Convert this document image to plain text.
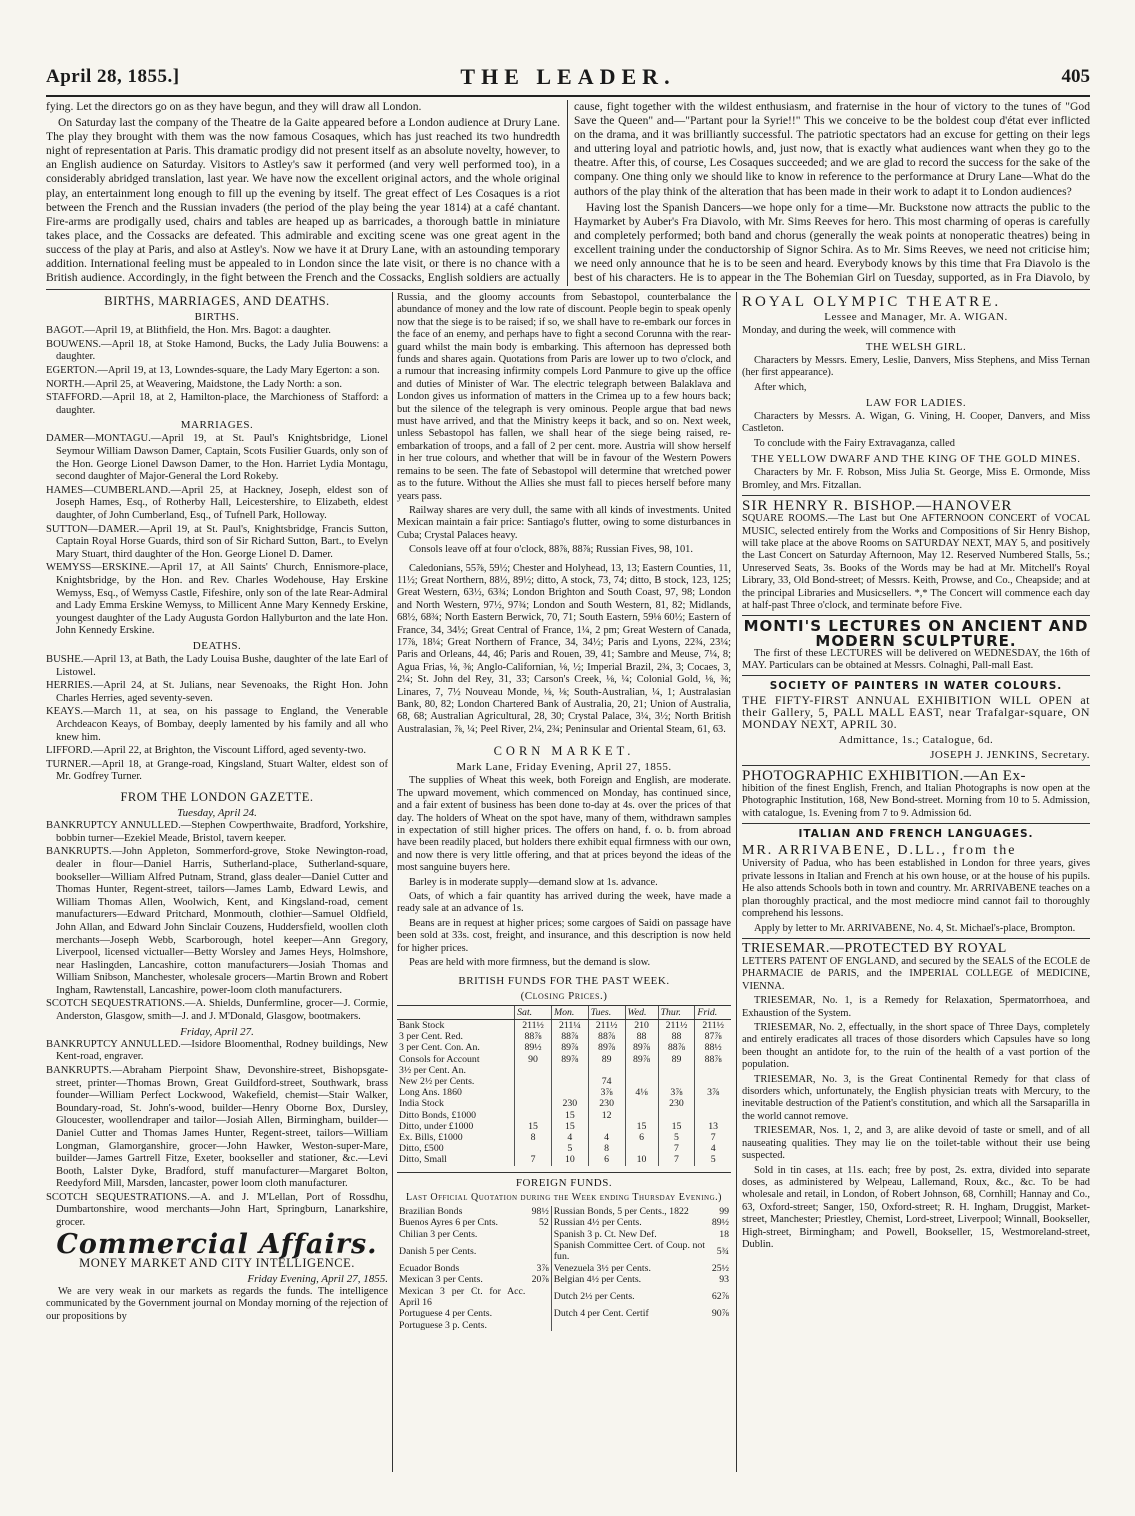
April 28, 1855.]	THE LEADER.	405

fying. Let the directors go on as they have begun, and they will draw all London.

On Saturday last the company of the Theatre de la Gaite appeared before a London audience at Drury Lane. The play they brought with them was the now famous Cosaques, which has just reached its two hundredth night of representation at Paris. This dramatic prodigy did not present itself as an absolute novelty, however, to an English audience on Saturday. Visitors to Astley's saw it performed (and very well performed too), in a considerably abridged translation, last year. We have now the excellent original actors, and the whole original play, an entertainment long enough to fill up the evening by itself. The great effect of Les Cosaques is a riot between the French and the Russian invaders (the period of the play being the year 1814) at a café chantant. Fire-arms are prodigally used, chairs and tables are heaped up as barricades, a thorough battle in miniature takes place, and the Cossacks are defeated. This admirable and exciting scene was one great agent in the success of the play at Paris, and also at Astley's. Now we have it at Drury Lane, with an astounding temporary addition. International feeling must be appealed to in London since the late visit, or there is no chance with a British audience. Accordingly, in the fight between the French and the Cossacks, English soldiers are actually

cause, fight together with the wildest enthusiasm, and fraternise in the hour of victory to the tunes of "God Save the Queen" and—"Partant pour la Syrie!!" This we conceive to be the boldest coup d'état ever inflicted on the drama, and it was brilliantly successful. The patriotic spectators had an excuse for getting on their legs and uttering loyal and patriotic howls, and, just now, that is exactly what audiences want when they go to the theatre. After this, of course, Les Cosaques succeeded; and we are glad to record the success for the sake of the company. One thing only we should like to know in reference to the performance at Drury Lane—What do the authors of the play think of the alteration that has been made in their work to adapt it to London audiences?

Having lost the Spanish Dancers—we hope only for a time—Mr. Buckstone now attracts the public to the Haymarket by Auber's Fra Diavolo, with Mr. Sims Reeves for hero. This most charming of operas is carefully and completely performed; both band and chorus (generally the weak points at nonoperatic theatres) being in excellent training under the conductorship of Signor Schira. As to Mr. Sims Reeves, we need not criticise him; we need only announce that he is to be seen and heard. Everybody knows by this time that Fra Diavolo is the best of his characters. He is to appear in the The Bohemian Girl on Tuesday, supported, as in Fra Diavolo, by

BIRTHS, MARRIAGES, AND DEATHS.
BIRTHS.
BAGOT.—April 19, at Blithfield, the Hon. Mrs. Bagot: a daughter.
BOUWENS.—April 18, at Stoke Hamond, Bucks, the Lady Julia Bouwens: a daughter.
EGERTON.—April 19, at 13, Lowndes-square, the Lady Mary Egerton: a son.
NORTH.—April 25, at Weavering, Maidstone, the Lady North: a son.
STAFFORD.—April 18, at 2, Hamilton-place, the Marchioness of Stafford: a daughter.
MARRIAGES.
DAMER—MONTAGU.—April 19, at St. Paul's Knightsbridge, Lionel Seymour William Dawson Damer, Captain, Scots Fusilier Guards, only son of the Hon. George Lionel Dawson Damer, to the Hon. Harriet Lydia Montagu, second daughter of Major-General the Lord Rokeby.
HAMES—CUMBERLAND.—April 25, at Hackney, Joseph, eldest son of Joseph Hames, Esq., of Rotherby Hall, Leicestershire, to Elizabeth, eldest daughter, of John Cumberland, Esq., of Tufnell Park, Holloway.
SUTTON—DAMER.—April 19, at St. Paul's, Knightsbridge, Francis Sutton, Captain Royal Horse Guards, third son of Sir Richard Sutton, Bart., to Evelyn Mary Stuart, third daughter of the Hon. George Lionel D. Damer.
WEMYSS—ERSKINE.—April 17, at All Saints' Church, Ennismore-place, Knightsbridge, by the Hon. and Rev. Charles Wodehouse, Hay Erskine Wemyss, Esq., of Wemyss Castle, Fifeshire, only son of the late Rear-Admiral and Lady Emma Erskine Wemyss, to Millicent Anne Mary Kennedy Erskine, youngest daughter of the Lady Augusta Gordon Hallyburton and the late Hon. John Kennedy Erskine.
DEATHS.
BUSHE.—April 13, at Bath, the Lady Louisa Bushe, daughter of the late Earl of Listowel.
HERRIES.—April 24, at St. Julians, near Sevenoaks, the Right Hon. John Charles Herries, aged seventy-seven.
KEAYS.—March 11, at sea, on his passage to England, the Venerable Archdeacon Keays, of Bombay, deeply lamented by his family and all who knew him.
LIFFORD.—April 22, at Brighton, the Viscount Lifford, aged seventy-two.
TURNER.—April 18, at Grange-road, Kingsland, Stuart Walter, eldest son of Mr. Godfrey Turner.
FROM THE LONDON GAZETTE.
Tuesday, April 24.
BANKRUPTCY ANNULLED.—Stephen Cowperthwaite, Bradford, Yorkshire, bobbin turner—Ezekiel Meade, Bristol, tavern keeper.
BANKRUPTS.—John Appleton, Sommerford-grove, Stoke Newington-road, dealer in flour—Daniel Harris, Sutherland-place, Sutherland-square, bookseller—William Alfred Putnam, Strand, glass dealer—Daniel Cutter and Thomas Hunter, Regent-street, tailors—James Lamb, Edward Lewis, and William Thomas Allen, Woolwich, Kent, and Kingsland-road, cement manufacturers—Edward Pritchard, Monmouth, clothier—Samuel Oldfield, John Allan, and Edward John Sinclair Couzens, Huddersfield, woollen cloth merchants—Joseph Webb, Scarborough, hotel keeper—Ann Gregory, Liverpool, licensed victualler—Betty Worsley and James Heys, Holmshore, near Haslingden, Lancashire, cotton manufacturers—Josiah Thomas and William Snibson, Manchester, wholesale grocers—Martin Brown and Robert Ingham, Rawtenstall, Lancashire, power-loom cloth manufacturers.
SCOTCH SEQUESTRATIONS.—A. Shields, Dunfermline, grocer—J. Cormie, Anderston, Glasgow, smith—J. and J. M'Donald, Glasgow, bootmakers.
Friday, April 27.
BANKRUPTCY ANNULLED.—Isidore Bloomenthal, Rodney buildings, New Kent-road, engraver.
BANKRUPTS.—Abraham Pierpoint Shaw, Devonshire-street, Bishopsgate-street, printer—Thomas Brown, Great Guildford-street, Southwark, brass founder—William Perfect Lockwood, Wakefield, chemist—Stair Walker, Boundary-road, St. John's-wood, builder—Henry Oborne Box, Dursley, Gloucester, woollendraper and tailor—Josiah Allen, Birmingham, builder—Daniel Cutter and Thomas James Hunter, Regent-street, tailors—William Longman, Glamorganshire, grocer—John Hawker, Weston-super-Mare, builder—James Gartrell Fitze, Exeter, bookseller and stationer, &c.—Levi Booth, Lalster Dyke, Bradford, stuff manufacturer—Margaret Bolton, Reedyford Mill, Marsden, lancaster, power loom cloth manufacturer.
SCOTCH SEQUESTRATIONS.—A. and J. M'Lellan, Port of Rossdhu, Dumbartonshire, wood merchants—John Hart, Springburn, Lanarkshire, grocer.
Commercial Affairs.
MONEY MARKET AND CITY INTELLIGENCE.
Friday Evening, April 27, 1855.

We are very weak in our markets as regards the funds. The intelligence communicated by the Government journal on Monday morning of the rejection of our propositions by

Russia, and the gloomy accounts from Sebastopol, counterbalance the abundance of money and the low rate of discount. People begin to speak openly now that the siege is to be raised; if so, we shall have to re-embark our forces in the face of an enemy, and perhaps have to fight a second Corunna with the rear-guard whilst the main body is embarking. This afternoon has depressed both funds and shares again. Quotations from Paris are lower up to two o'clock, and a rumour that increasing infirmity compels Lord Panmure to give up the office and duties of Minister of War. The electric telegraph between Balaklava and London gives us information of matters in the Crimea up to a few hours back; but the silence of the telegraph is very ominous. People argue that bad news must have arrived, and that the Ministry keeps it back, and so on. Next week, unless Sebastopol has fallen, we shall hear of the siege being raised, re-embarkation of troops, and a fall of 2 per cent. more. Austria will show herself in her true colours, and whether that will be in favour of the Western Powers remains to be seen. The fate of Sebastopol will determine that wretched power as to the future. Without the Allies she must fall to pieces herself before many years pass.

Railway shares are very dull, the same with all kinds of investments. United Mexican maintain a fair price: Santiago's flutter, owing to some disturbances in Cuba; Crystal Palaces heavy.

Consols leave off at four o'clock, 88⅞, 88⅞; Russian Fives, 98, 101.

Caledonians, 55⅞, 59½; Chester and Holyhead, 13, 13; Eastern Counties, 11, 11½; Great Northern, 88½, 89½; ditto, A stock, 73, 74; ditto, B stock, 123, 125; Great Western, 63½, 63¾; London Brighton and South Coast, 97, 98; London and North Western, 97½, 97¾; London and South Western, 81, 82; Midlands, 68½, 68¾; North Eastern Berwick, 70, 71; South Eastern, 59⅛ 60½; Eastern of France, 34, 34½; Great Central of France, 1¼, 2 pm; Great Western of Canada, 17⅞, 18¼; Great Northern of France, 34, 34½; Paris and Lyons, 22¾, 23¼; Paris and Orleans, 44, 46; Paris and Rouen, 39, 41; Sambre and Meuse, 7¼, 8; Agua Frias, ⅛, ⅜; Anglo-Californian, ⅛, ½; Imperial Brazil, 2¾, 3; Cocaes, 3, 2¼; St. John del Rey, 31, 33; Carson's Creek, ⅛, ¼; Colonial Gold, ⅛, ⅜; Linares, 7, 7½ Nouveau Monde, ⅛, ⅛; South-Australian, ¼, 1; Australasian Bank, 80, 82; London Chartered Bank of Australia, 20, 21; Union of Australia, 68, 68; Australian Agricultural, 28, 30; Crystal Palace, 3¼, 3½; North British Australasian, ⅞, ¼; Peel River, 2¼, 2¾; Peninsular and Oriental Steam, 61, 63.

CORN MARKET.
Mark Lane, Friday Evening, April 27, 1855.

The supplies of Wheat this week, both Foreign and English, are moderate. The upward movement, which commenced on Monday, has continued since, and a fair extent of business has been done to-day at 4s. over the prices of that day. The holders of Wheat on the spot have, many of them, withdrawn samples in expectation of still higher prices. The offers on hand, f. o. b. from abroad have been readily placed, but holders there exhibit equal firmness with our own, and now there is very little offering, and that at prices beyond the ideas of the most sanguine buyers here.

Barley is in moderate supply—demand slow at 1s. advance.

Oats, of which a fair quantity has arrived during the week, have made a ready sale at an advance of 1s.

Beans are in request at higher prices; some cargoes of Saidi on passage have been sold at 33s. cost, freight, and insurance, and this description is now held for higher prices.

Peas are held with more firmness, but the demand is slow.

BRITISH FUNDS FOR THE PAST WEEK.
(Closing Prices.)
	Sat.	Mon.	Tues.	Wed.	Thur.	Frid.
Bank Stock	211½	211¼	211½	210	211½	211½
3 per Cent. Red.	88⅞	88⅞	88⅞	88	88	87⅞
3 per Cent. Con. An.	89½	89⅞	89⅞	89⅞	88⅞	88½
Consols for Account	90	89⅞	89	89⅞	89	88⅞
3½ per Cent. An.						
New 2½ per Cents.			74			
Long Ans. 1860			3⅞	4⅛	3⅞	3⅞
India Stock		230	230		230	
Ditto Bonds, £1000		15	12			
Ditto, under £1000	15	15		15	15	13
Ex. Bills, £1000	8	4	4	6	5	7
Ditto, £500		5	8		7	4
Ditto, Small	7	10	6	10	7	5
FOREIGN FUNDS.
Last Official Quotation during the Week ending Thursday Evening.)
Brazilian Bonds	98½	Russian Bonds, 5 per Cents., 1822	99
Buenos Ayres 6 per Cnts.	52	Russian 4½ per Cents.	89½
Chilian 3 per Cents.		Spanish 3 p. Ct. New Def.	18
Danish 5 per Cents.		Spanish Committee Cert. of Coup. not fun.	5¾
Ecuador Bonds	3⅞	Venezuela 3½ per Cents.	25½
Mexican 3 per Cents.	20⅞	Belgian 4½ per Cents.	93
Mexican 3 per Ct. for Acc. April 16		Dutch 2½ per Cents.	62⅞
Portuguese 4 per Cents.		Dutch 4 per Cent. Certif	90⅞
Portuguese 3 p. Cents.			
ROYAL OLYMPIC THEATRE.
Lessee and Manager, Mr. A. WIGAN.

Monday, and during the week, will commence with

THE WELSH GIRL.

Characters by Messrs. Emery, Leslie, Danvers, Miss Stephens, and Miss Ternan (her first appearance).

After which,

LAW FOR LADIES.

Characters by Messrs. A. Wigan, G. Vining, H. Cooper, Danvers, and Miss Castleton.

To conclude with the Fairy Extravaganza, called

THE YELLOW DWARF AND THE KING OF THE GOLD MINES.

Characters by Mr. F. Robson, Miss Julia St. George, Miss E. Ormonde, Miss Bromley, and Mrs. Fitzallan.

SIR HENRY R. BISHOP.—HANOVER

SQUARE ROOMS.—The Last but One AFTERNOON CONCERT of VOCAL MUSIC, selected entirely from the Works and Compositions of Sir Henry Bishop, will take place at the above Rooms on SATURDAY NEXT, MAY 5, and positively the Last Concert on Saturday Afternoon, May 12. Reserved Numbered Stalls, 5s.; Unreserved Seats, 3s. Books of the Words may be had at Mr. Mitchell's Royal Library, 33, Old Bond-street; of Messrs. Keith, Prowse, and Co., Cheapside; and at the principal Libraries and Musicsellers. *,* The Concert will commence each day at half-past Three o'clock, and terminate before Five.

MONTI'S LECTURES ON ANCIENT AND MODERN SCULPTURE.

The first of these LECTURES will be delivered on WEDNESDAY, the 16th of MAY. Particulars can be obtained at Messrs. Colnaghi, Pall-mall East.

SOCIETY OF PAINTERS IN WATER COLOURS.

THE FIFTY-FIRST ANNUAL EXHIBITION WILL OPEN at their Gallery, 5, PALL MALL EAST, near Trafalgar-square, ON MONDAY NEXT, APRIL 30.

Admittance, 1s.; Catalogue, 6d.
JOSEPH J. JENKINS, Secretary.
PHOTOGRAPHIC EXHIBITION.—An Ex-

hibition of the finest English, French, and Italian Photographs is now open at the Photographic Institution, 168, New Bond-street. Morning from 10 to 5. Admission, with catalogue, 1s. Evening from 7 to 9. Admission 6d.

ITALIAN AND FRENCH LANGUAGES.
MR. ARRIVABENE, D.LL., from the

University of Padua, who has been established in London for three years, gives private lessons in Italian and French at his own house, or at the house of his pupils. He also attends Schools both in town and country. Mr. ARRIVABENE teaches on a plan thoroughly practical, and the most mediocre mind cannot fail to thoroughly comprehend his lessons.

Apply by letter to Mr. ARRIVABENE, No. 4, St. Michael's-place, Brompton.

TRIESEMAR.—PROTECTED BY ROYAL

LETTERS PATENT OF ENGLAND, and secured by the SEALS of the ECOLE de PHARMACIE de PARIS, and the IMPERIAL COLLEGE of MEDICINE, VIENNA.

TRIESEMAR, No. 1, is a Remedy for Relaxation, Spermatorrhoea, and Exhaustion of the System.

TRIESEMAR, No. 2, effectually, in the short space of Three Days, completely and entirely eradicates all traces of those disorders which Capsules have so long been thought an antidote for, to the ruin of the health of a vast portion of the population.

TRIESEMAR, No. 3, is the Great Continental Remedy for that class of disorders which, unfortunately, the English physician treats with Mercury, to the inevitable destruction of the Patient's constitution, and which all the Sarsaparilla in the world cannot remove.

TRIESEMAR, Nos. 1, 2, and 3, are alike devoid of taste or smell, and of all nauseating qualities. They may lie on the toilet-table without their use being suspected.

Sold in tin cases, at 11s. each; free by post, 2s. extra, divided into separate doses, as administered by Welpeau, Lallemand, Roux, &c., &c. To be had wholesale and retail, in London, of Robert Johnson, 68, Cornhill; Hannay and Co., 63, Oxford-street; Sanger, 150, Oxford-street; R. H. Ingham, Druggist, Market-street, Manchester; Priestley, Chemist, Lord-street, Liverpool; Winnall, Bookseller, High-street, Birmingham; and Powell, Bookseller, 15, Westmoreland-street, Dublin.
